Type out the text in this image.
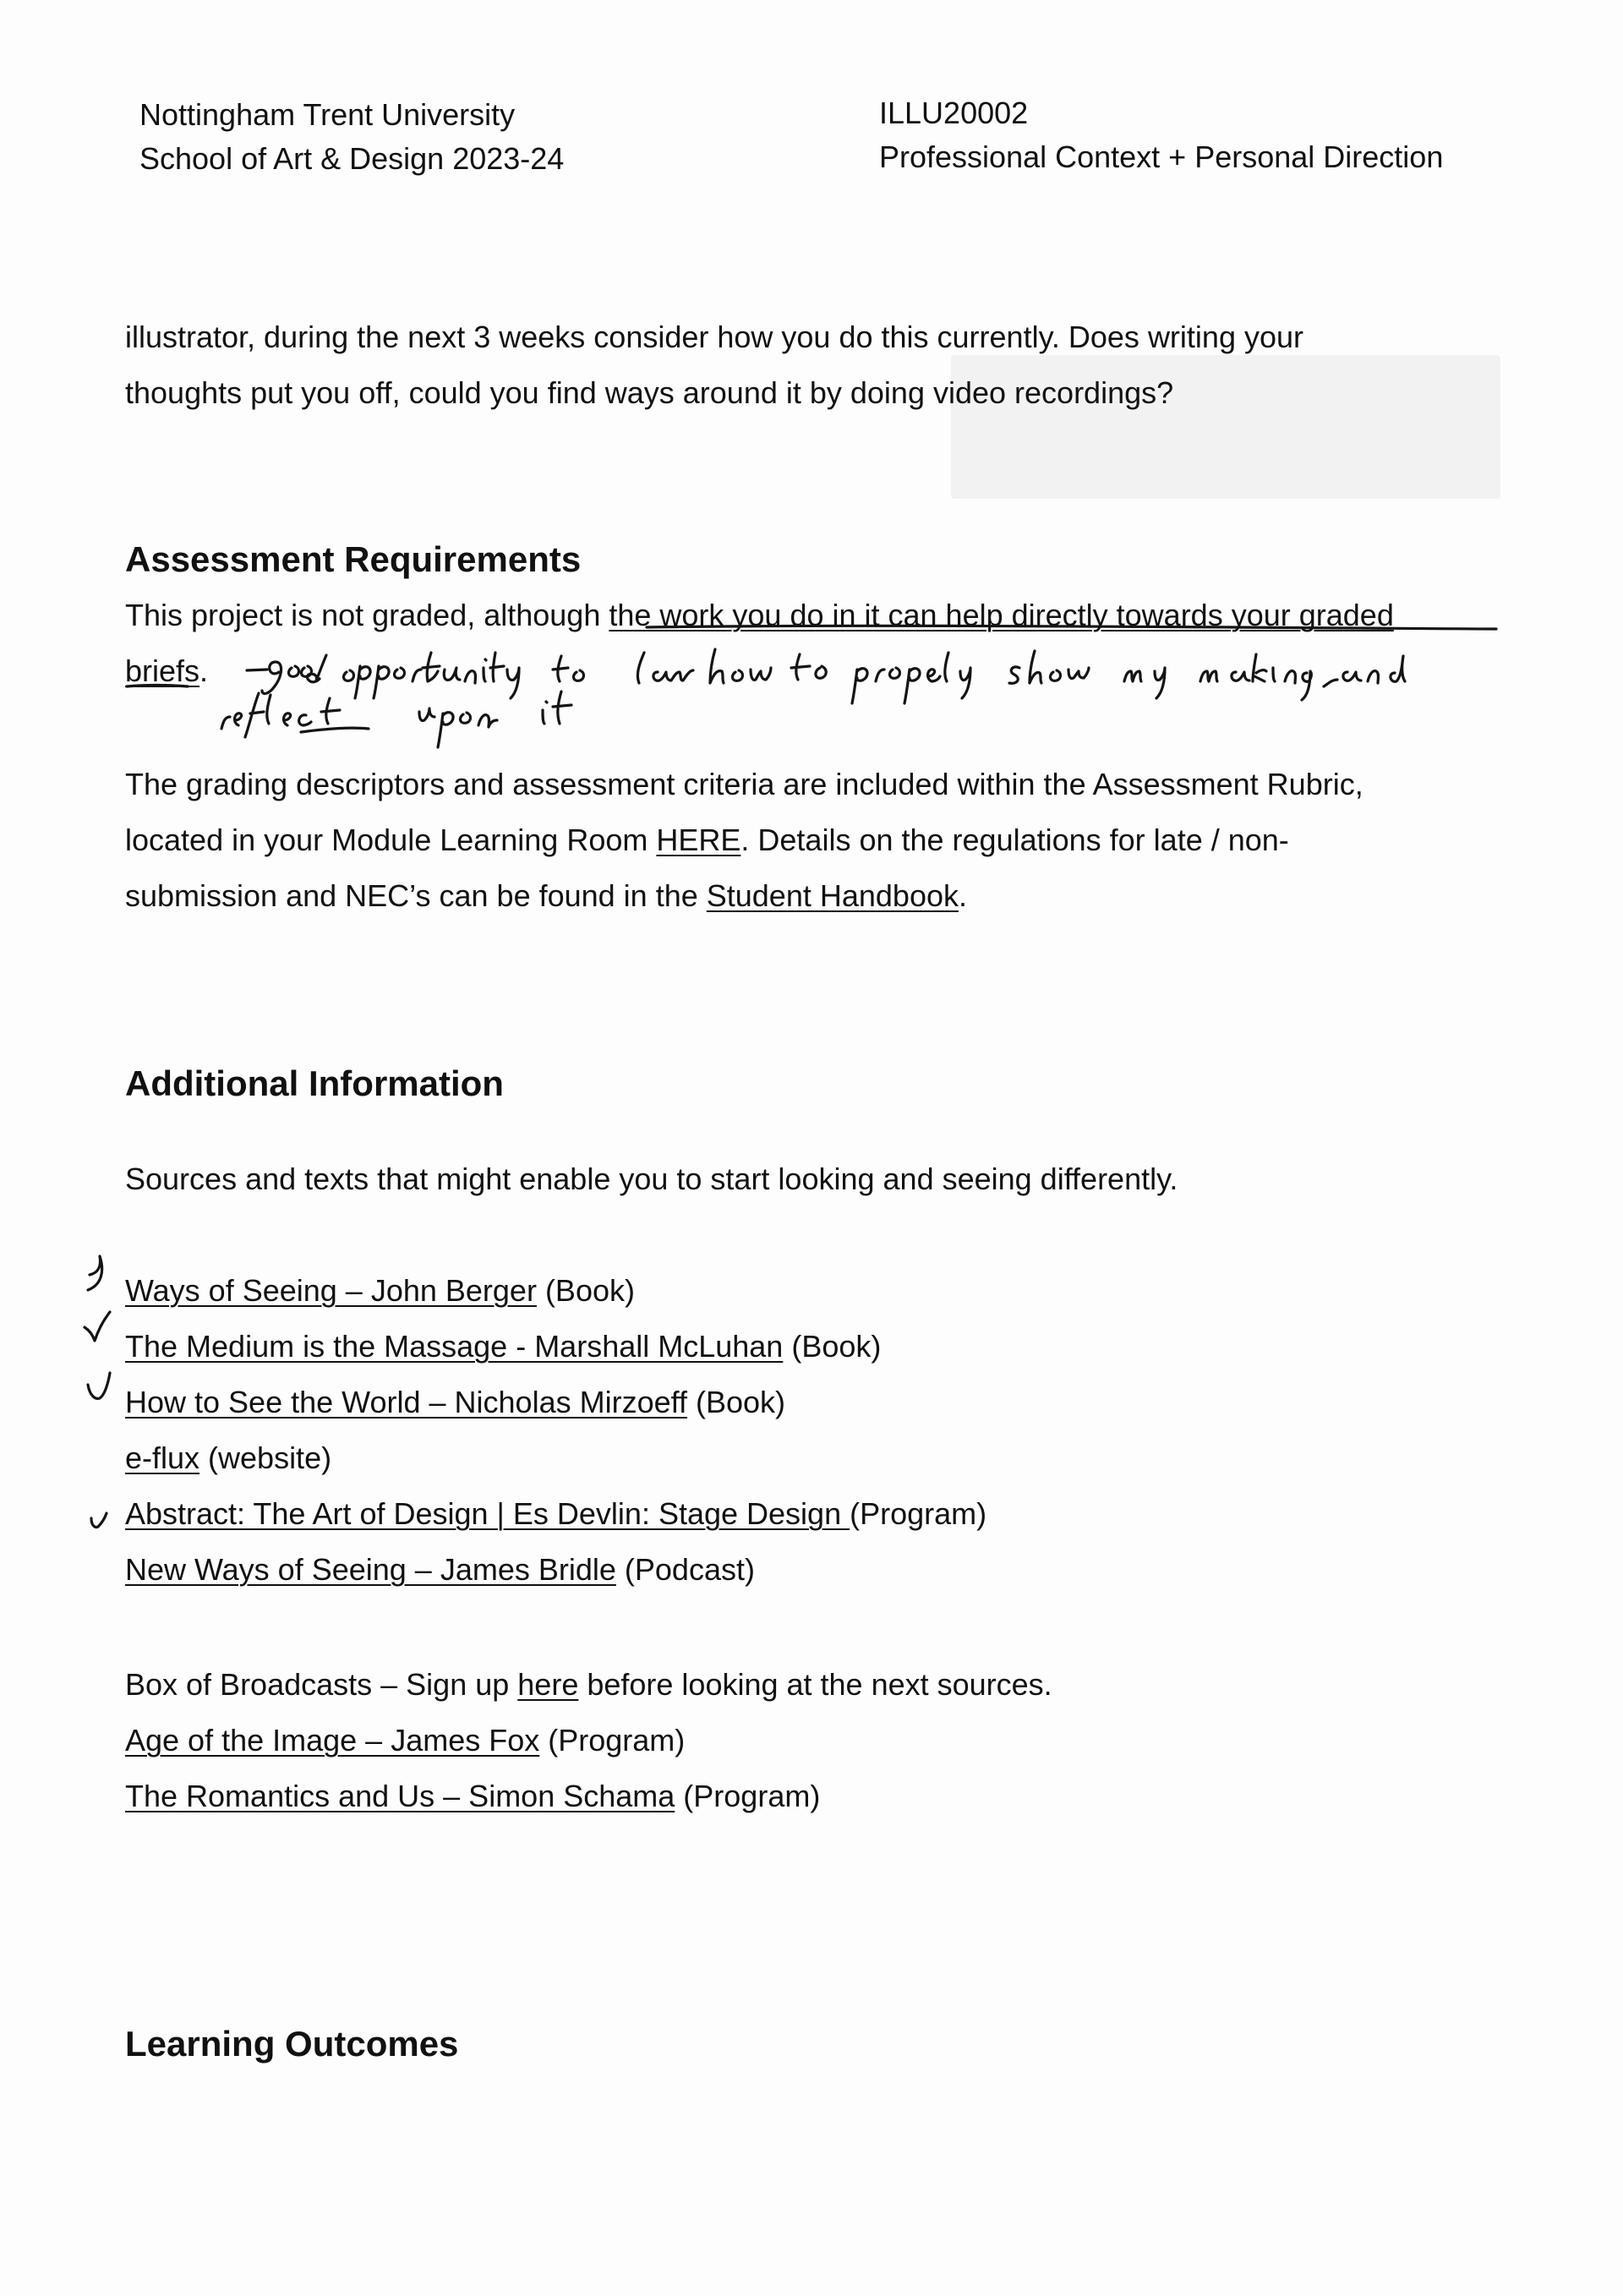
Nottingham Trent University
School of Art & Design 2023-24
ILLU20002
Professional Context + Personal Direction
illustrator, during the next 3 weeks consider how you do this currently. Does writing your
thoughts put you off, could you find ways around it by doing video recordings?
Assessment Requirements
This project is not graded, although the work you do in it can help directly towards your graded
briefs.
The grading descriptors and assessment criteria are included within the Assessment Rubric,
located in your Module Learning Room HERE. Details on the regulations for late / non-
submission and NEC’s can be found in the Student Handbook.
Additional Information
Sources and texts that might enable you to start looking and seeing differently.
Ways of Seeing – John Berger (Book)
The Medium is the Massage - Marshall McLuhan (Book)
How to See the World – Nicholas Mirzoeff (Book)
e-flux (website)
Abstract: The Art of Design | Es Devlin: Stage Design (Program)
New Ways of Seeing – James Bridle (Podcast)
Box of Broadcasts – Sign up here before looking at the next sources.
Age of the Image – James Fox (Program)
The Romantics and Us – Simon Schama (Program)
Learning Outcomes
